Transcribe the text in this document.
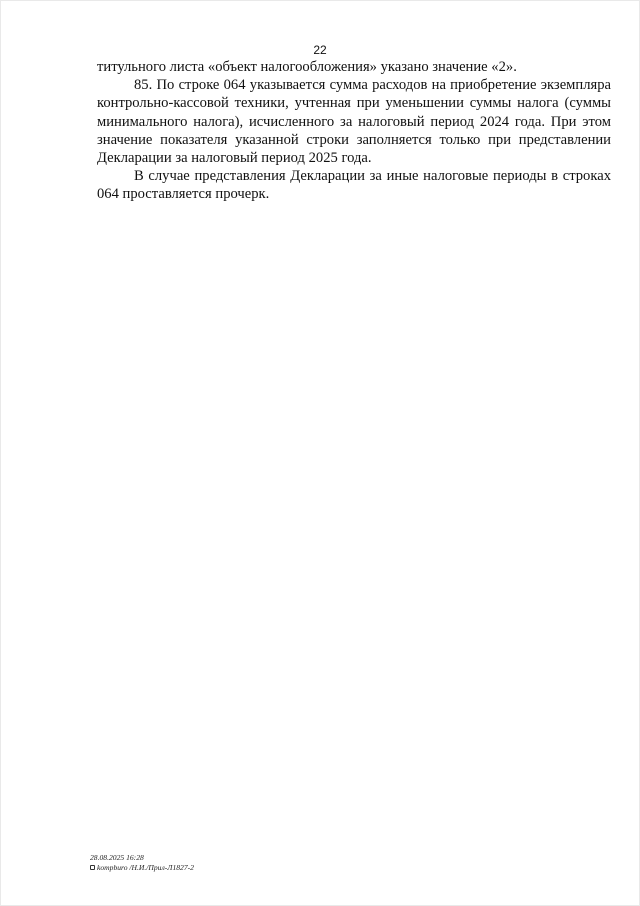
22

титульного листа «объект налогообложения» указано значение «2».

85. По строке 064 указывается сумма расходов на приобретение экземпляра контрольно-кассовой техники, учтенная при уменьшении суммы налога (суммы минимального налога), исчисленного за налоговый период 2024 года. При этом значение показателя указанной строки заполняется только при представлении Декларации за налоговый период 2025 года.

В случае представления Декларации за иные налоговые периоды в строках 064 проставляется прочерк.

28.08.2025 16:28
kompburo /Н.И./Прил-Л1827-2
